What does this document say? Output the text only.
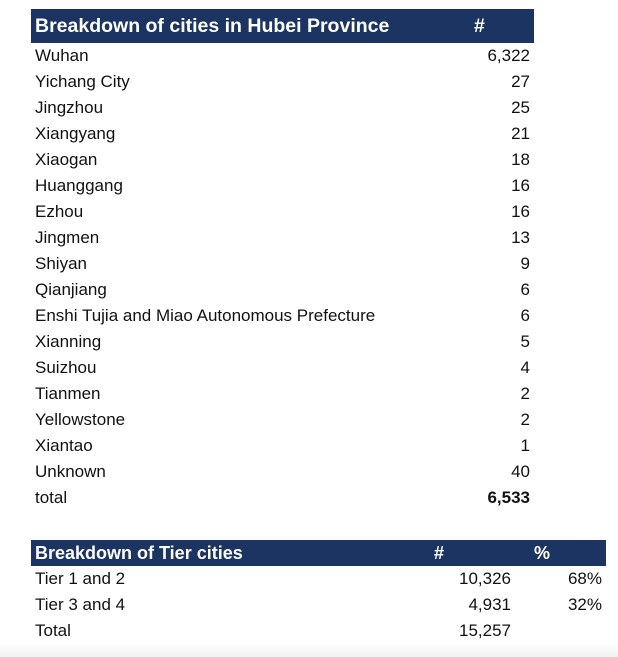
Breakdown of cities in Hubei Province	#
Wuhan	6,322
Yichang City	27
Jingzhou	25
Xiangyang	21
Xiaogan	18
Huanggang	16
Ezhou	16
Jingmen	13
Shiyan	9
Qianjiang	6
Enshi Tujia and Miao Autonomous Prefecture	6
Xianning	5
Suizhou	4
Tianmen	2
Yellowstone	2
Xiantao	1
Unknown	40
total	6,533
Breakdown of Tier cities	#	%
Tier 1 and 2	10,326	68%
Tier 3 and 4	4,931	32%
Total	15,257
